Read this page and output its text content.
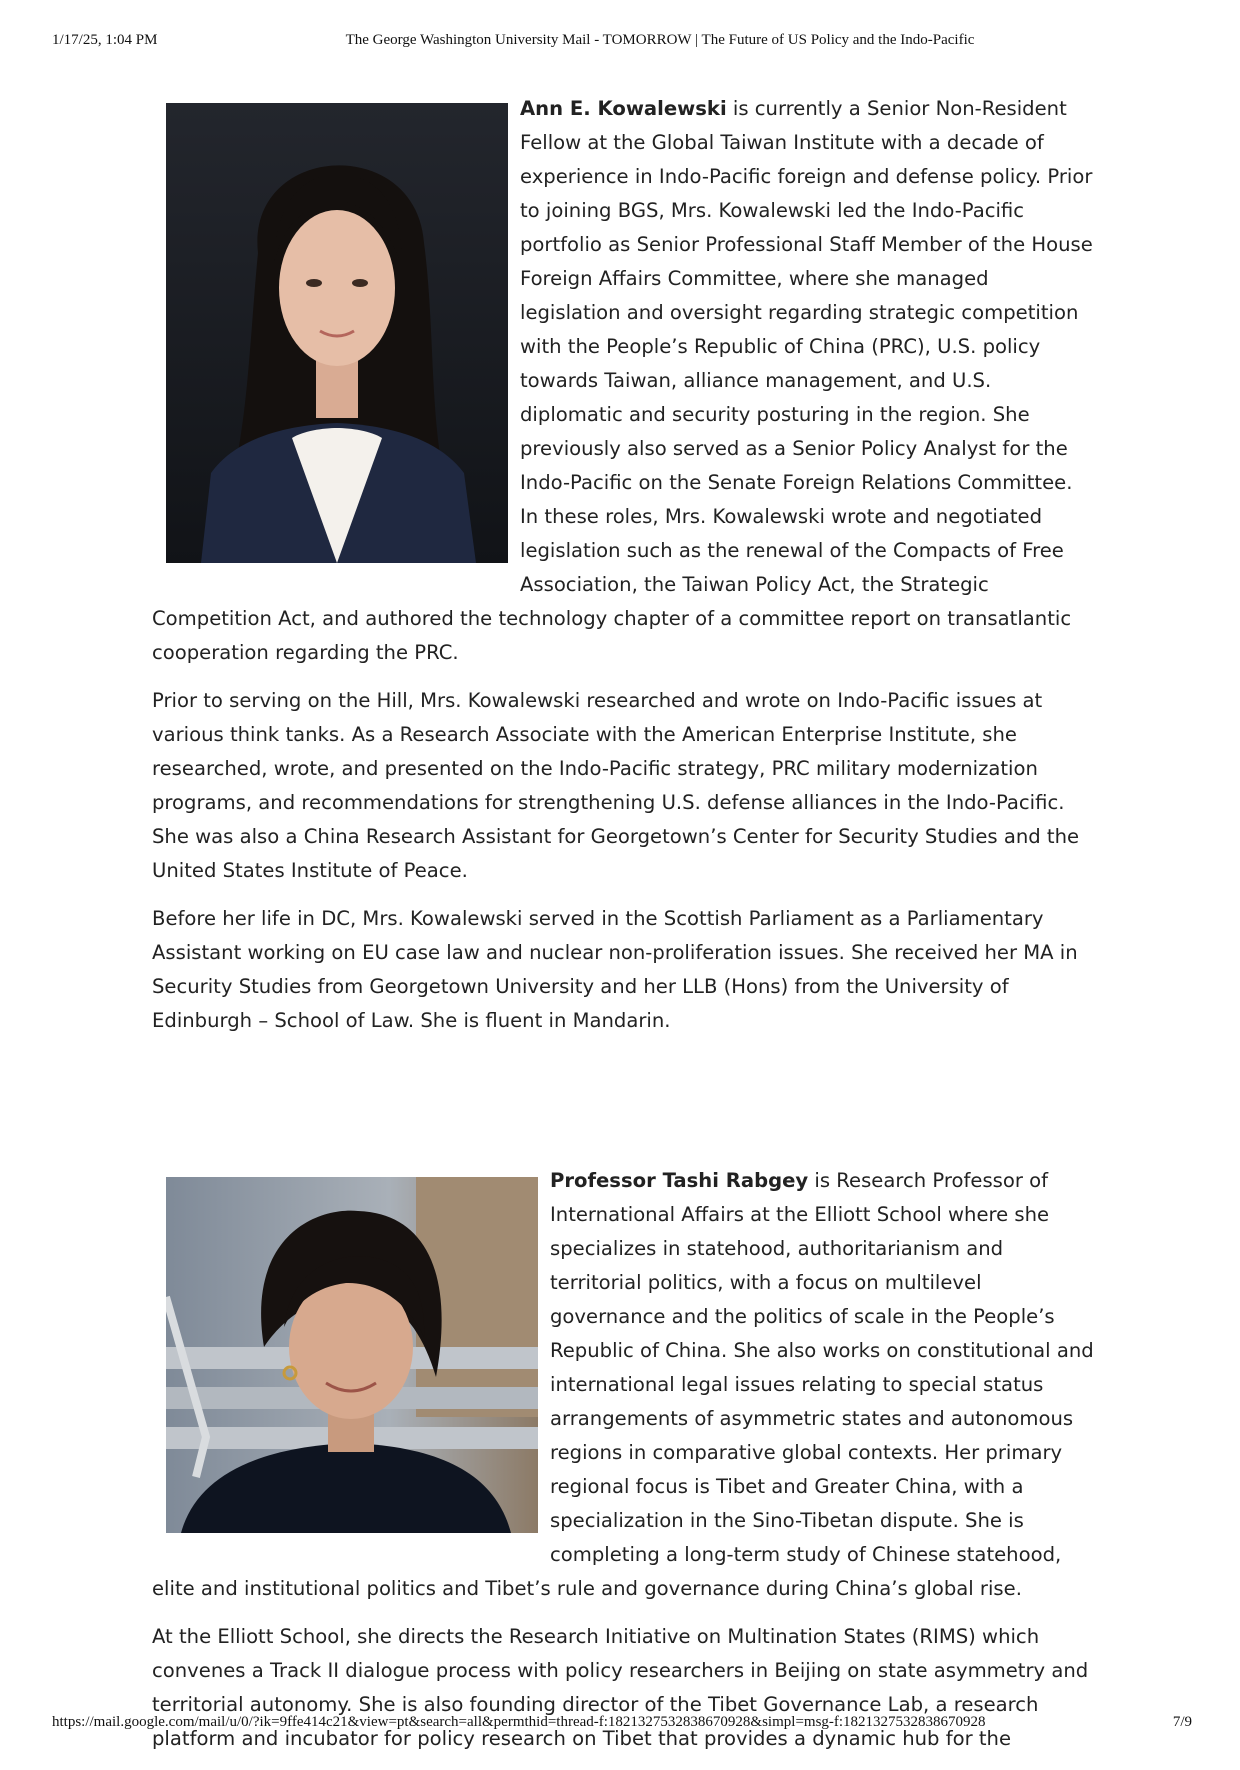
1/17/25, 1:04 PM	The George Washington University Mail - TOMORROW | The Future of US Policy and the Indo-Pacific

Ann E. Kowalewski is currently a Senior Non-Resident Fellow at the Global Taiwan Institute with a decade of experience in Indo-Pacific foreign and defense policy. Prior to joining BGS, Mrs. Kowalewski led the Indo-Pacific portfolio as Senior Professional Staff Member of the House Foreign Affairs Committee, where she managed legislation and oversight regarding strategic competition with the People’s Republic of China (PRC), U.S. policy towards Taiwan, alliance management, and U.S. diplomatic and security posturing in the region. She previously also served as a Senior Policy Analyst for the Indo-Pacific on the Senate Foreign Relations Committee. In these roles, Mrs. Kowalewski wrote and negotiated legislation such as the renewal of the Compacts of Free Association, the Taiwan Policy Act, the Strategic Competition Act, and authored the technology chapter of a committee report on transatlantic cooperation regarding the PRC.

Prior to serving on the Hill, Mrs. Kowalewski researched and wrote on Indo-Pacific issues at various think tanks. As a Research Associate with the American Enterprise Institute, she researched, wrote, and presented on the Indo-Pacific strategy, PRC military modernization programs, and recommendations for strengthening U.S. defense alliances in the Indo-Pacific. She was also a China Research Assistant for Georgetown’s Center for Security Studies and the United States Institute of Peace.

Before her life in DC, Mrs. Kowalewski served in the Scottish Parliament as a Parliamentary Assistant working on EU case law and nuclear non-proliferation issues. She received her MA in Security Studies from Georgetown University and her LLB (Hons) from the University of Edinburgh – School of Law. She is fluent in Mandarin.

Professor Tashi Rabgey is Research Professor of International Affairs at the Elliott School where she specializes in statehood, authoritarianism and territorial politics, with a focus on multilevel governance and the politics of scale in the People’s Republic of China. She also works on constitutional and international legal issues relating to special status arrangements of asymmetric states and autonomous regions in comparative global contexts. Her primary regional focus is Tibet and Greater China, with a specialization in the Sino-Tibetan dispute. She is completing a long-term study of Chinese statehood, elite and institutional politics and Tibet’s rule and governance during China’s global rise.

At the Elliott School, she directs the Research Initiative on Multination States (RIMS) which convenes a Track II dialogue process with policy researchers in Beijing on state asymmetry and territorial autonomy. She is also founding director of the Tibet Governance Lab, a research platform and incubator for policy research on Tibet that provides a dynamic hub for the

https://mail.google.com/mail/u/0/?ik=9ffe414c21&view=pt&search=all&permthid=thread-f:1821327532838670928&simpl=msg-f:1821327532838670928	7/9
